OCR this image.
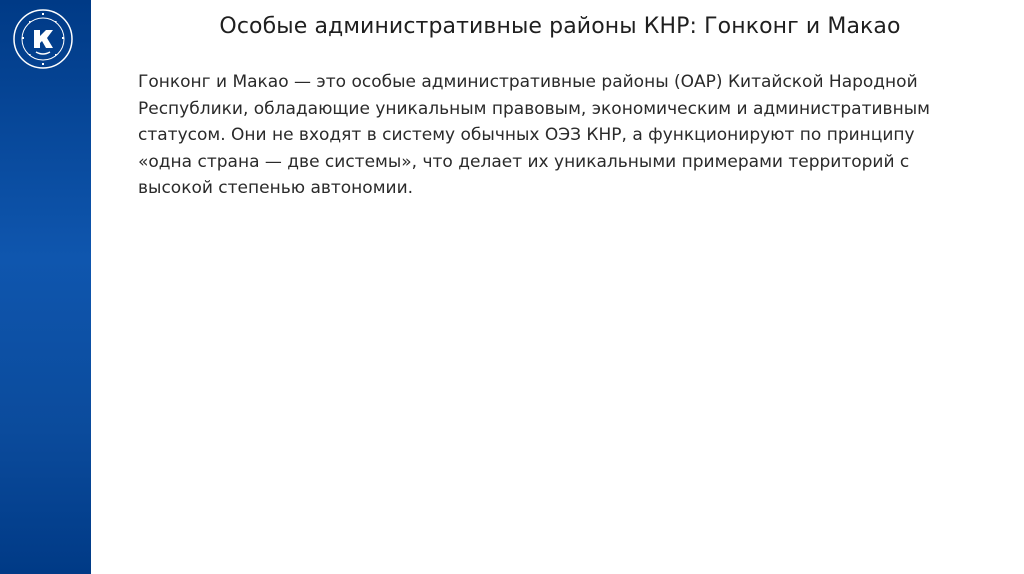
Особые административные районы КНР: Гонконг и Макао
Гонконг и Макао — это особые административные районы (ОАР) Китайской Народной
Республики, обладающие уникальным правовым, экономическим и административным
статусом. Они не входят в систему обычных ОЭЗ КНР, а функционируют по принципу
«одна страна — две системы», что делает их уникальными примерами территорий с
высокой степенью автономии.
